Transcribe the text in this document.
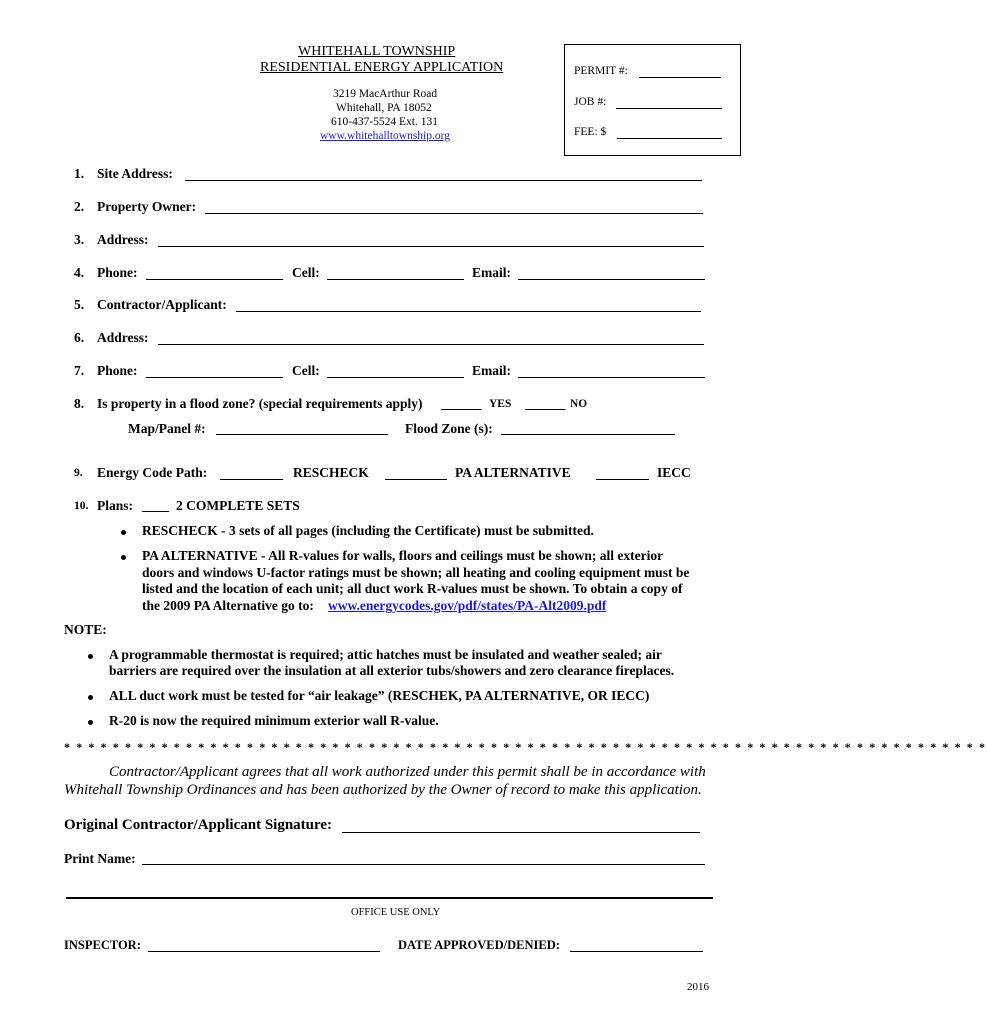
WHITEHALL TOWNSHIP
RESIDENTIAL ENERGY APPLICATION
3219 MacArthur Road
Whitehall, PA 18052
610-437-5524 Ext. 131
www.whitehalltownship.org
PERMIT #:
JOB #:
FEE: $
1. Site Address:
2. Property Owner:
3. Address:
4. Phone:	Cell:	Email:
5. Contractor/Applicant:
6. Address:
7. Phone:	Cell:	Email:
8. Is property in a flood zone? (special requirements apply) ______ YES ______ NO
Map/Panel #:	Flood Zone (s):
9. Energy Code Path:	RESCHECK	PA ALTERNATIVE	IECC
10. Plans: ____ 2 COMPLETE SETS
RESCHECK - 3 sets of all pages (including the Certificate) must be submitted.
PA ALTERNATIVE - All R-values for walls, floors and ceilings must be shown; all exterior
doors and windows U-factor ratings must be shown; all heating and cooling equipment must be
listed and the location of each unit; all duct work R-values must be shown. To obtain a copy of
the 2009 PA Alternative go to: www.energycodes.gov/pdf/states/PA-Alt2009.pdf
NOTE:
A programmable thermostat is required; attic hatches must be insulated and weather sealed; air
barriers are required over the insulation at all exterior tubs/showers and zero clearance fireplaces.
ALL duct work must be tested for “air leakage” (RESCHEK, PA ALTERNATIVE, OR IECC)
R-20 is now the required minimum exterior wall R-value.
* * * * * * * * * * * * * * * * * * * * * * * * * * * * * * * * * * * * * * * * * * * * * * * * * * * * * * * * * * * * * * * * * * * * * * * * * * * *
Contractor/Applicant agrees that all work authorized under this permit shall be in accordance with
Whitehall Township Ordinances and has been authorized by the Owner of record to make this application.
Original Contractor/Applicant Signature:
Print Name:
OFFICE USE ONLY
INSPECTOR:	DATE APPROVED/DENIED:
2016
